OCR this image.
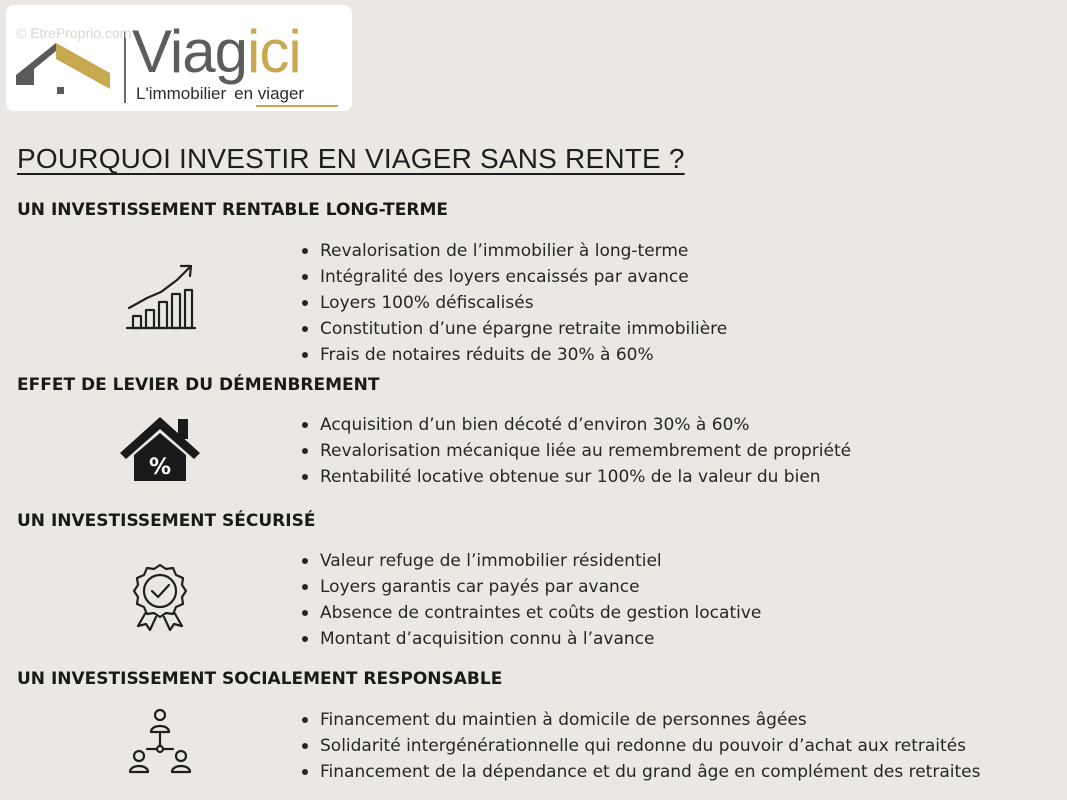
Viagici
L'immobilier en viager
© EtreProprio.com
POURQUOI INVESTIR EN VIAGER SANS RENTE ?
UN INVESTISSEMENT RENTABLE LONG-TERME
Revalorisation de l’immobilier à long-terme
Intégralité des loyers encaissés par avance
Loyers 100% défiscalisés
Constitution d’une épargne retraite immobilière
Frais de notaires réduits de 30% à 60%
EFFET DE LEVIER DU DÉMENBREMENT
%
Acquisition d’un bien décoté d’environ 30% à 60%
Revalorisation mécanique liée au remembrement de propriété
Rentabilité locative obtenue sur 100% de la valeur du bien
UN INVESTISSEMENT SÉCURISÉ
Valeur refuge de l’immobilier résidentiel
Loyers garantis car payés par avance
Absence de contraintes et coûts de gestion locative
Montant d’acquisition connu à l’avance
UN INVESTISSEMENT SOCIALEMENT RESPONSABLE
Financement du maintien à domicile de personnes âgées
Solidarité intergénérationnelle qui redonne du pouvoir d’achat aux retraités
Financement de la dépendance et du grand âge en complément des retraites
